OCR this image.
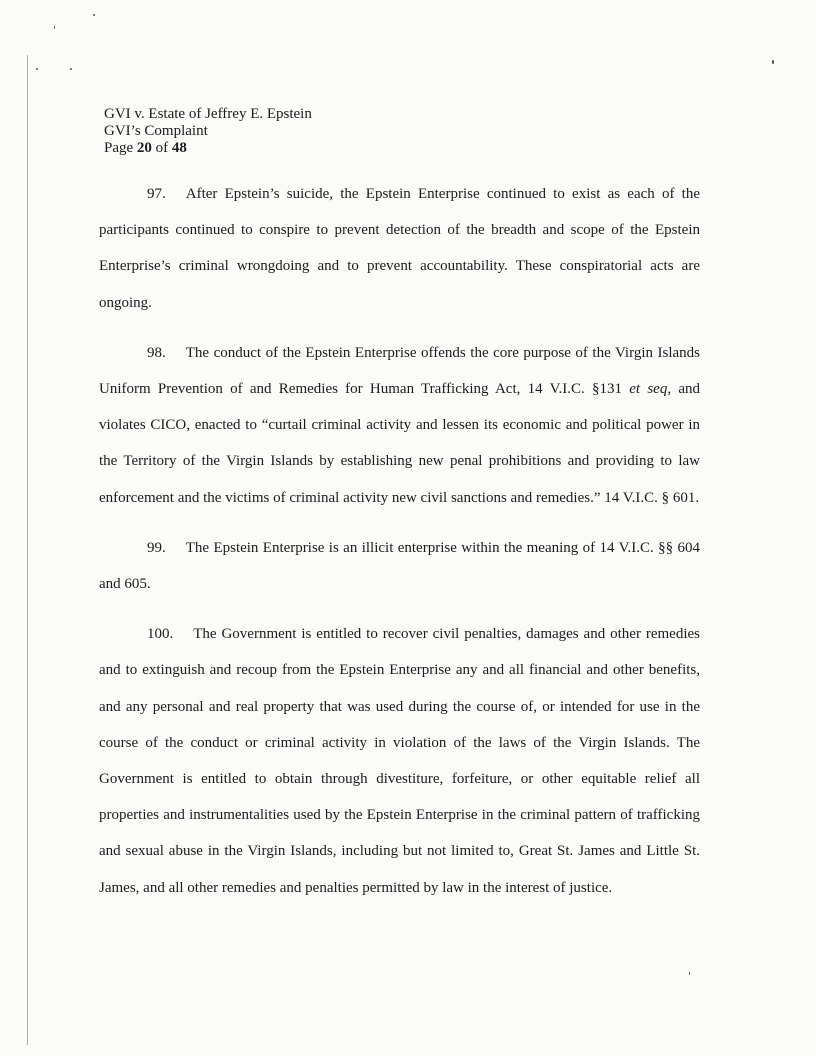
GVI v. Estate of Jeffrey E. Epstein
GVI’s Complaint
Page 20 of 48

97. After Epstein’s suicide, the Epstein Enterprise continued to exist as each of the participants continued to conspire to prevent detection of the breadth and scope of the Epstein Enterprise’s criminal wrongdoing and to prevent accountability. These conspiratorial acts are ongoing.

98. The conduct of the Epstein Enterprise offends the core purpose of the Virgin Islands Uniform Prevention of and Remedies for Human Trafficking Act, 14 V.I.C. §131 et seq, and violates CICO, enacted to “curtail criminal activity and lessen its economic and political power in the Territory of the Virgin Islands by establishing new penal prohibitions and providing to law enforcement and the victims of criminal activity new civil sanctions and remedies.” 14 V.I.C. § 601.

99. The Epstein Enterprise is an illicit enterprise within the meaning of 14 V.I.C. §§ 604 and 605.

100. The Government is entitled to recover civil penalties, damages and other remedies and to extinguish and recoup from the Epstein Enterprise any and all financial and other benefits, and any personal and real property that was used during the course of, or intended for use in the course of the conduct or criminal activity in violation of the laws of the Virgin Islands. The Government is entitled to obtain through divestiture, forfeiture, or other equitable relief all properties and instrumentalities used by the Epstein Enterprise in the criminal pattern of trafficking and sexual abuse in the Virgin Islands, including but not limited to, Great St. James and Little St. James, and all other remedies and penalties permitted by law in the interest of justice.
